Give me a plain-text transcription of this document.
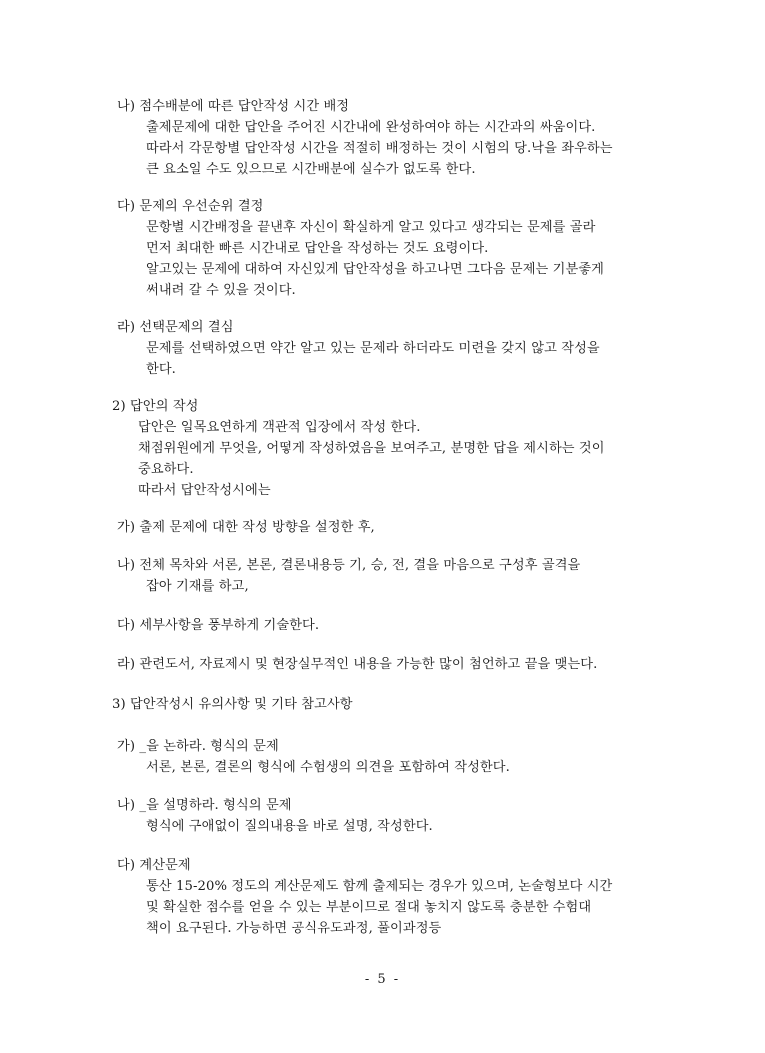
나) 점수배분에 따른 답안작성 시간 배정
출제문제에 대한 답안을 주어진 시간내에 완성하여야 하는 시간과의 싸움이다.
따라서 각문항별 답안작성 시간을 적절히 배정하는 것이 시험의 당.낙을 좌우하는
큰 요소일 수도 있으므로 시간배분에 실수가 없도록 한다.
다) 문제의 우선순위 결정
문항별 시간배정을 끝낸후 자신이 확실하게 알고 있다고 생각되는 문제를 골라
먼저 최대한 빠른 시간내로 답안을 작성하는 것도 요령이다.
알고있는 문제에 대하여 자신있게 답안작성을 하고나면 그다음 문제는 기분좋게
써내려 갈 수 있을 것이다.
라) 선택문제의 결심
문제를 선택하였으면 약간 알고 있는 문제라 하더라도 미련을 갖지 않고 작성을
한다.
2) 답안의 작성
답안은 일목요연하게 객관적 입장에서 작성 한다.
채점위원에게 무엇을, 어떻게 작성하였음을 보여주고, 분명한 답을 제시하는 것이
중요하다.
따라서 답안작성시에는
가) 출제 문제에 대한 작성 방향을 설정한 후,
나) 전체 목차와 서론, 본론, 결론내용등 기, 승, 전, 결을 마음으로 구성후 골격을
잡아 기재를 하고,
다) 세부사항을 풍부하게 기술한다.
라) 관련도서, 자료제시 및 현장실무적인 내용을 가능한 많이 첨언하고 끝을 맺는다.
3) 답안작성시 유의사항 및 기타 참고사항
가) _을 논하라. 형식의 문제
서론, 본론, 결론의 형식에 수험생의 의견을 포함하여 작성한다.
나) _을 설명하라. 형식의 문제
형식에 구애없이 질의내용을 바로 설명, 작성한다.
다) 계산문제
통산 15-20% 정도의 계산문제도 함께 출제되는 경우가 있으며, 논술형보다 시간
및 확실한 점수를 얻을 수 있는 부분이므로 절대 놓치지 않도록 충분한 수험대
책이 요구된다. 가능하면 공식유도과정, 풀이과정등
- 5 -
